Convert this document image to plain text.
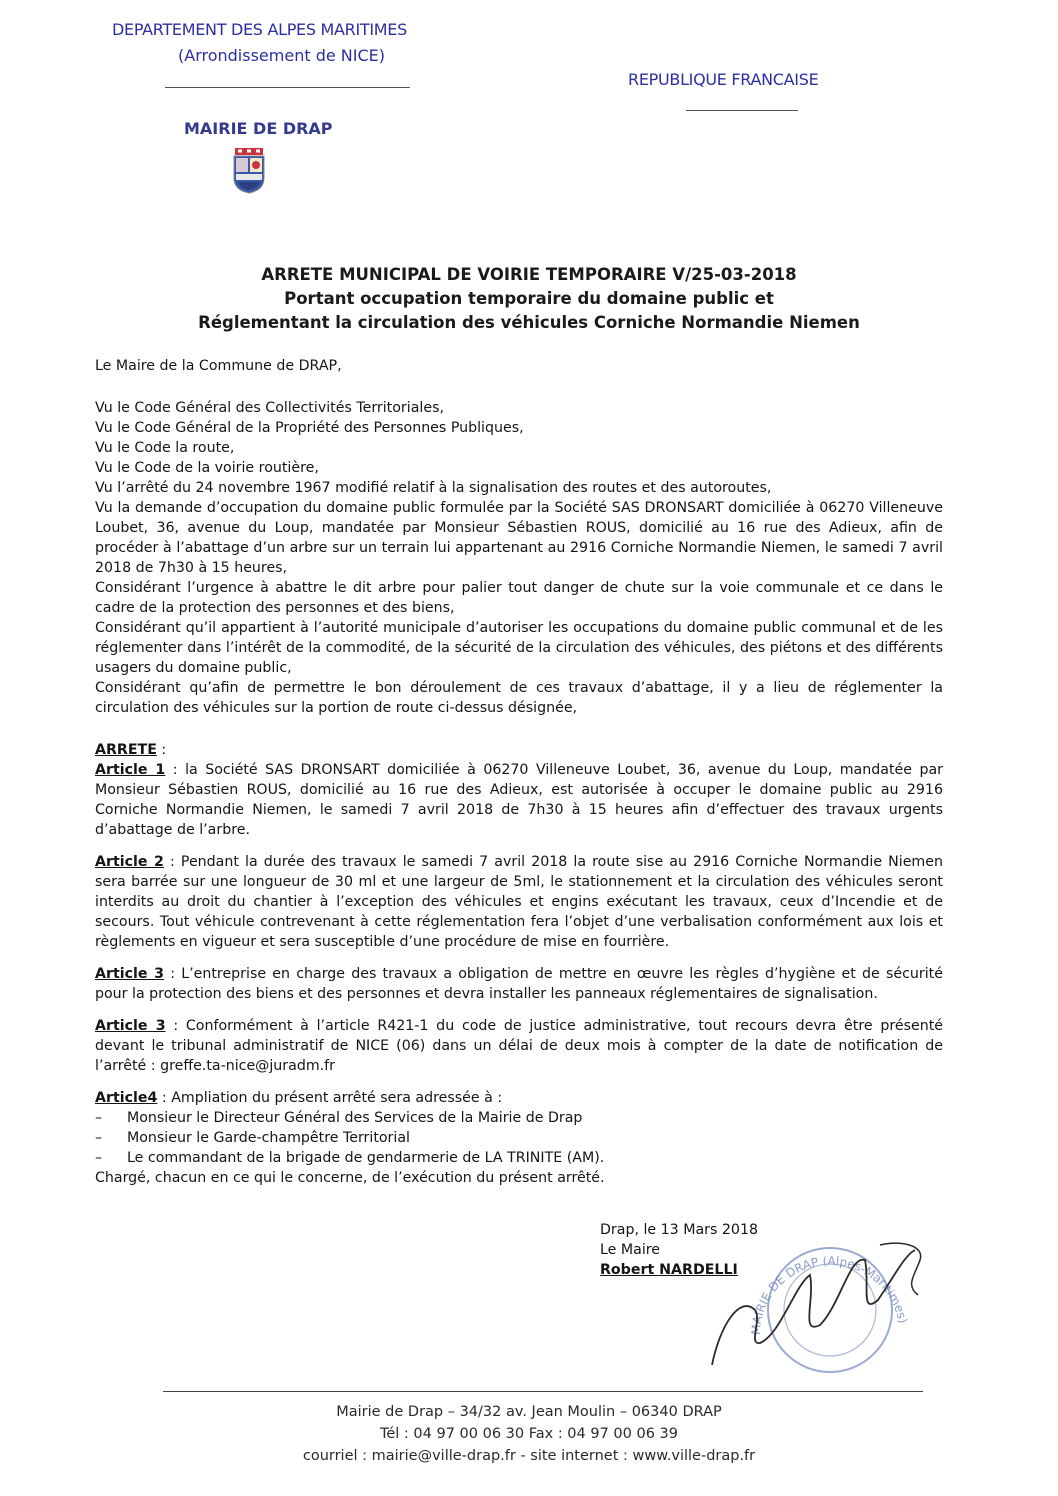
DEPARTEMENT DES ALPES MARITIMES
(Arrondissement de NICE)
REPUBLIQUE FRANCAISE
MAIRIE DE DRAP
ARRETE MUNICIPAL DE VOIRIE TEMPORAIRE V/25-03-2018
Portant occupation temporaire du domaine public et
Réglementant la circulation des véhicules Corniche Normandie Niemen

Le Maire de la Commune de DRAP,

Vu le Code Général des Collectivités Territoriales,

Vu le Code Général de la Propriété des Personnes Publiques,

Vu le Code la route,

Vu le Code de la voirie routière,

Vu l’arrêté du 24 novembre 1967 modifié relatif à la signalisation des routes et des autoroutes,

Vu la demande d’occupation du domaine public formulée par la Société SAS DRONSART domiciliée à 06270 Villeneuve Loubet, 36, avenue du Loup, mandatée par Monsieur Sébastien ROUS, domicilié au 16 rue des Adieux, afin de procéder à l’abattage d’un arbre sur un terrain lui appartenant au 2916 Corniche Normandie Niemen, le samedi 7 avril 2018 de 7h30 à 15 heures,

Considérant l’urgence à abattre le dit arbre pour palier tout danger de chute sur la voie communale et ce dans le cadre de la protection des personnes et des biens,

Considérant qu’il appartient à l’autorité municipale d’autoriser les occupations du domaine public communal et de les réglementer dans l’intérêt de la commodité, de la sécurité de la circulation des véhicules, des piétons et des différents usagers du domaine public,

Considérant qu’afin de permettre le bon déroulement de ces travaux d’abattage, il y a lieu de réglementer la circulation des véhicules sur la portion de route ci-dessus désignée,

ARRETE :

Article 1 : la Société SAS DRONSART domiciliée à 06270 Villeneuve Loubet, 36, avenue du Loup, mandatée par Monsieur Sébastien ROUS, domicilié au 16 rue des Adieux, est autorisée à occuper le domaine public au 2916 Corniche Normandie Niemen, le samedi 7 avril 2018 de 7h30 à 15 heures afin d’effectuer des travaux urgents d’abattage de l’arbre.

Article 2 : Pendant la durée des travaux le samedi 7 avril 2018 la route sise au 2916 Corniche Normandie Niemen sera barrée sur une longueur de 30 ml et une largeur de 5ml, le stationnement et la circulation des véhicules seront interdits au droit du chantier à l’exception des véhicules et engins exécutant les travaux, ceux d’Incendie et de secours. Tout véhicule contrevenant à cette réglementation fera l’objet d’une verbalisation conformément aux lois et règlements en vigueur et sera susceptible d’une procédure de mise en fourrière.

Article 3 : L’entreprise en charge des travaux a obligation de mettre en œuvre les règles d’hygiène et de sécurité pour la protection des biens et des personnes et devra installer les panneaux réglementaires de signalisation.

Article 3 : Conformément à l’article R421-1 du code de justice administrative, tout recours devra être présenté devant le tribunal administratif de NICE (06) dans un délai de deux mois à compter de la date de notification de l’arrêté : greffe.ta-nice@juradm.fr

Article4 : Ampliation du présent arrêté sera adressée à :

–	Monsieur le Directeur Général des Services de la Mairie de Drap
–	Monsieur le Garde-champêtre Territorial
–	Le commandant de la brigade de gendarmerie de LA TRINITE (AM).

Chargé, chacun en ce qui le concerne, de l’exécution du présent arrêté.

MAIRIE DE DRAP (Alpes-Maritimes)
Drap, le 13 Mars 2018
Le Maire
Robert NARDELLI
Mairie de Drap – 34/32 av. Jean Moulin – 06340 DRAP
Tél : 04 97 00 06 30 Fax : 04 97 00 06 39
courriel : mairie@ville-drap.fr - site internet : www.ville-drap.fr
